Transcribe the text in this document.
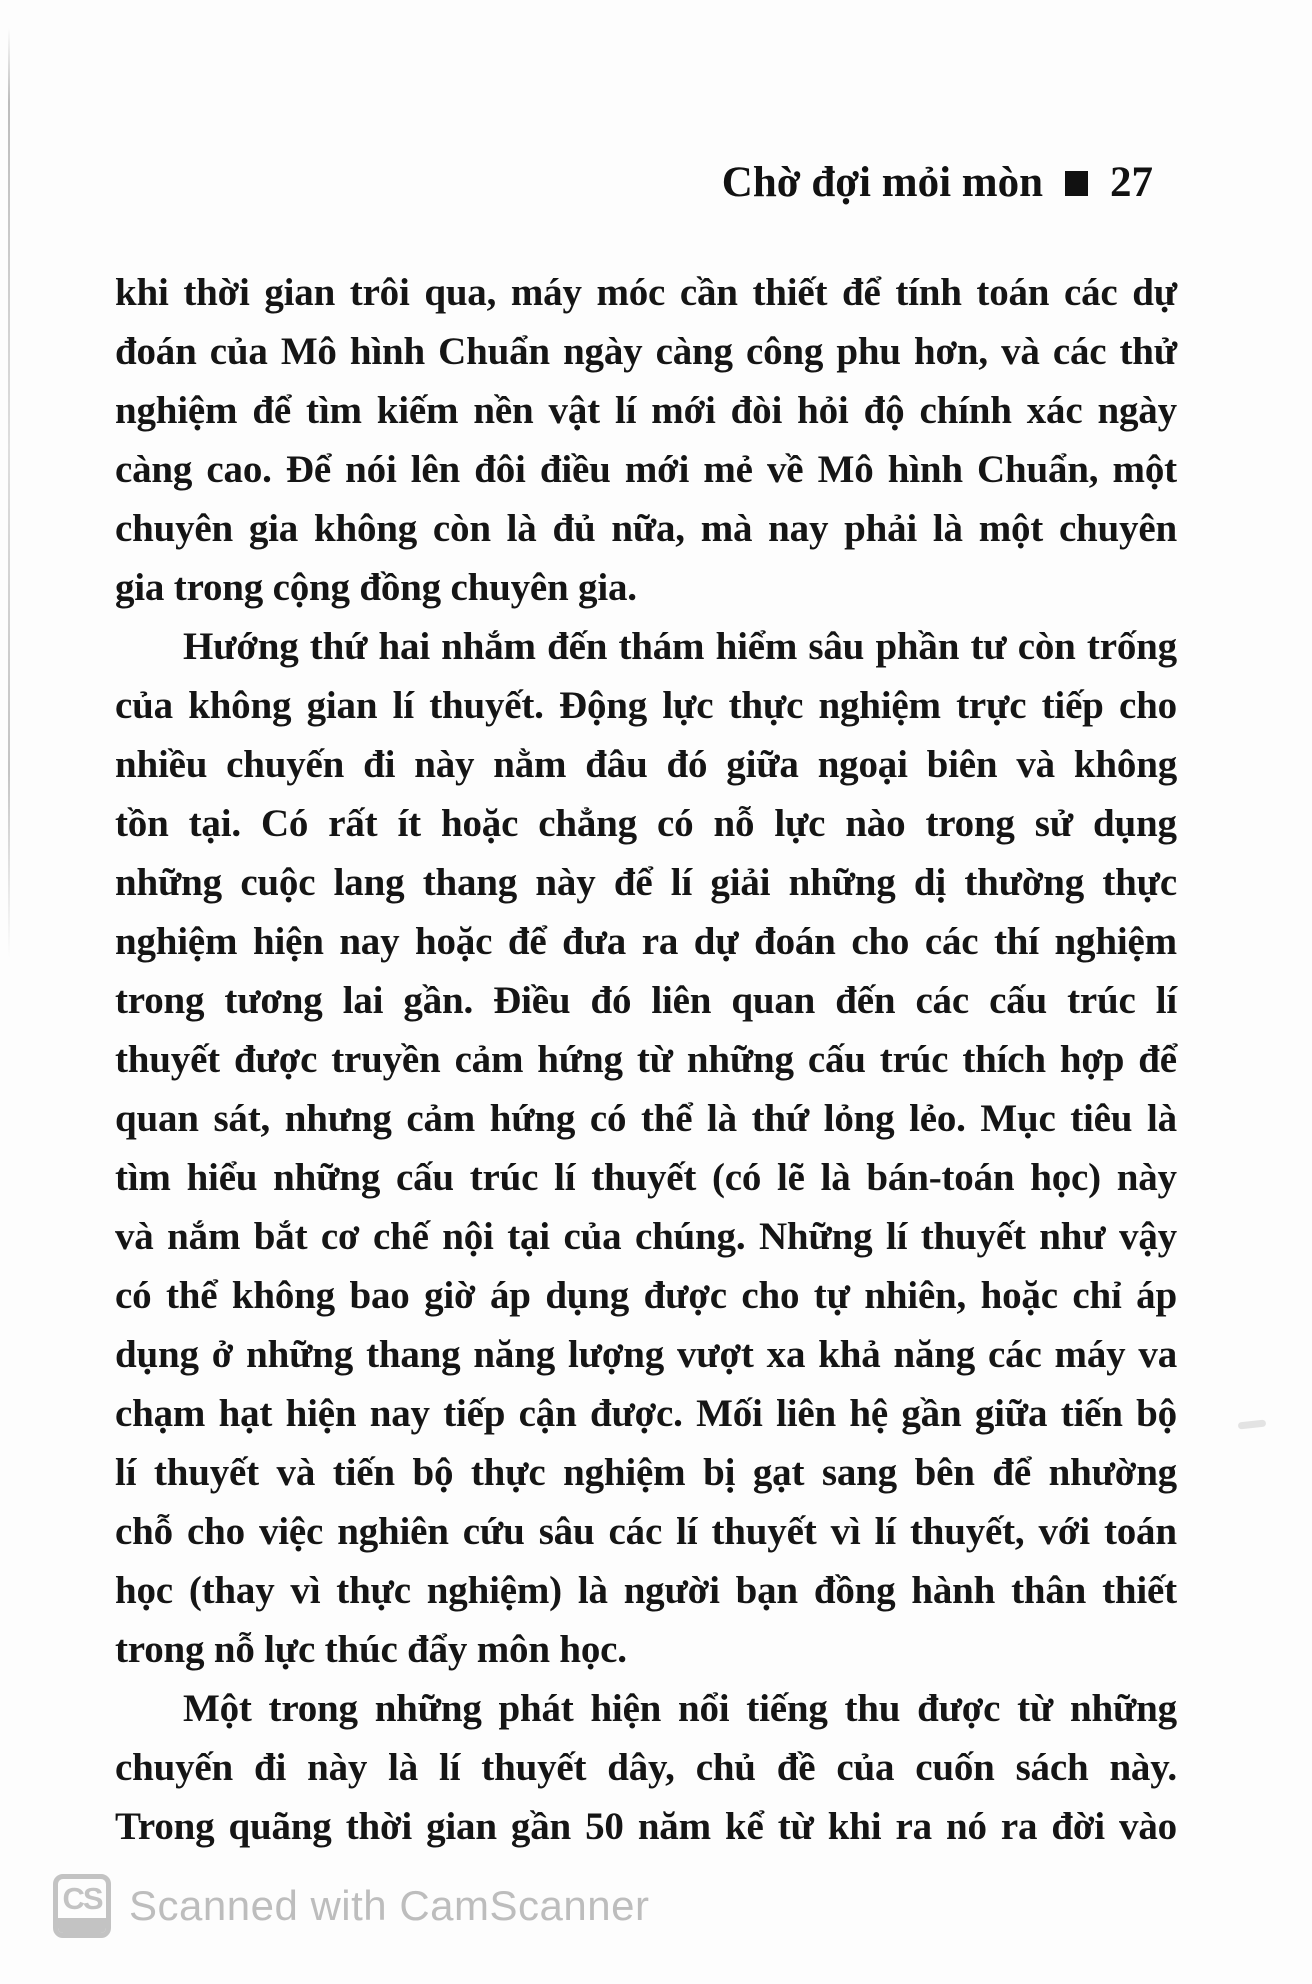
Chờ đợi mỏi mòn 27
khi thời gian trôi qua, máy móc cần thiết để tính toán các dự
đoán của Mô hình Chuẩn ngày càng công phu hơn, và các thử
nghiệm để tìm kiếm nền vật lí mới đòi hỏi độ chính xác ngày
càng cao. Để nói lên đôi điều mới mẻ về Mô hình Chuẩn, một
chuyên gia không còn là đủ nữa, mà nay phải là một chuyên
gia trong cộng đồng chuyên gia.
Hướng thứ hai nhắm đến thám hiểm sâu phần tư còn trống
của không gian lí thuyết. Động lực thực nghiệm trực tiếp cho
nhiều chuyến đi này nằm đâu đó giữa ngoại biên và không
tồn tại. Có rất ít hoặc chẳng có nỗ lực nào trong sử dụng
những cuộc lang thang này để lí giải những dị thường thực
nghiệm hiện nay hoặc để đưa ra dự đoán cho các thí nghiệm
trong tương lai gần. Điều đó liên quan đến các cấu trúc lí
thuyết được truyền cảm hứng từ những cấu trúc thích hợp để
quan sát, nhưng cảm hứng có thể là thứ lỏng lẻo. Mục tiêu là
tìm hiểu những cấu trúc lí thuyết (có lẽ là bán-toán học) này
và nắm bắt cơ chế nội tại của chúng. Những lí thuyết như vậy
có thể không bao giờ áp dụng được cho tự nhiên, hoặc chỉ áp
dụng ở những thang năng lượng vượt xa khả năng các máy va
chạm hạt hiện nay tiếp cận được. Mối liên hệ gần giữa tiến bộ
lí thuyết và tiến bộ thực nghiệm bị gạt sang bên để nhường
chỗ cho việc nghiên cứu sâu các lí thuyết vì lí thuyết, với toán
học (thay vì thực nghiệm) là người bạn đồng hành thân thiết
trong nỗ lực thúc đẩy môn học.
Một trong những phát hiện nổi tiếng thu được từ những
chuyến đi này là lí thuyết dây, chủ đề của cuốn sách này.
Trong quãng thời gian gần 50 năm kể từ khi ra nó ra đời vào
CS Scanned with CamScanner
